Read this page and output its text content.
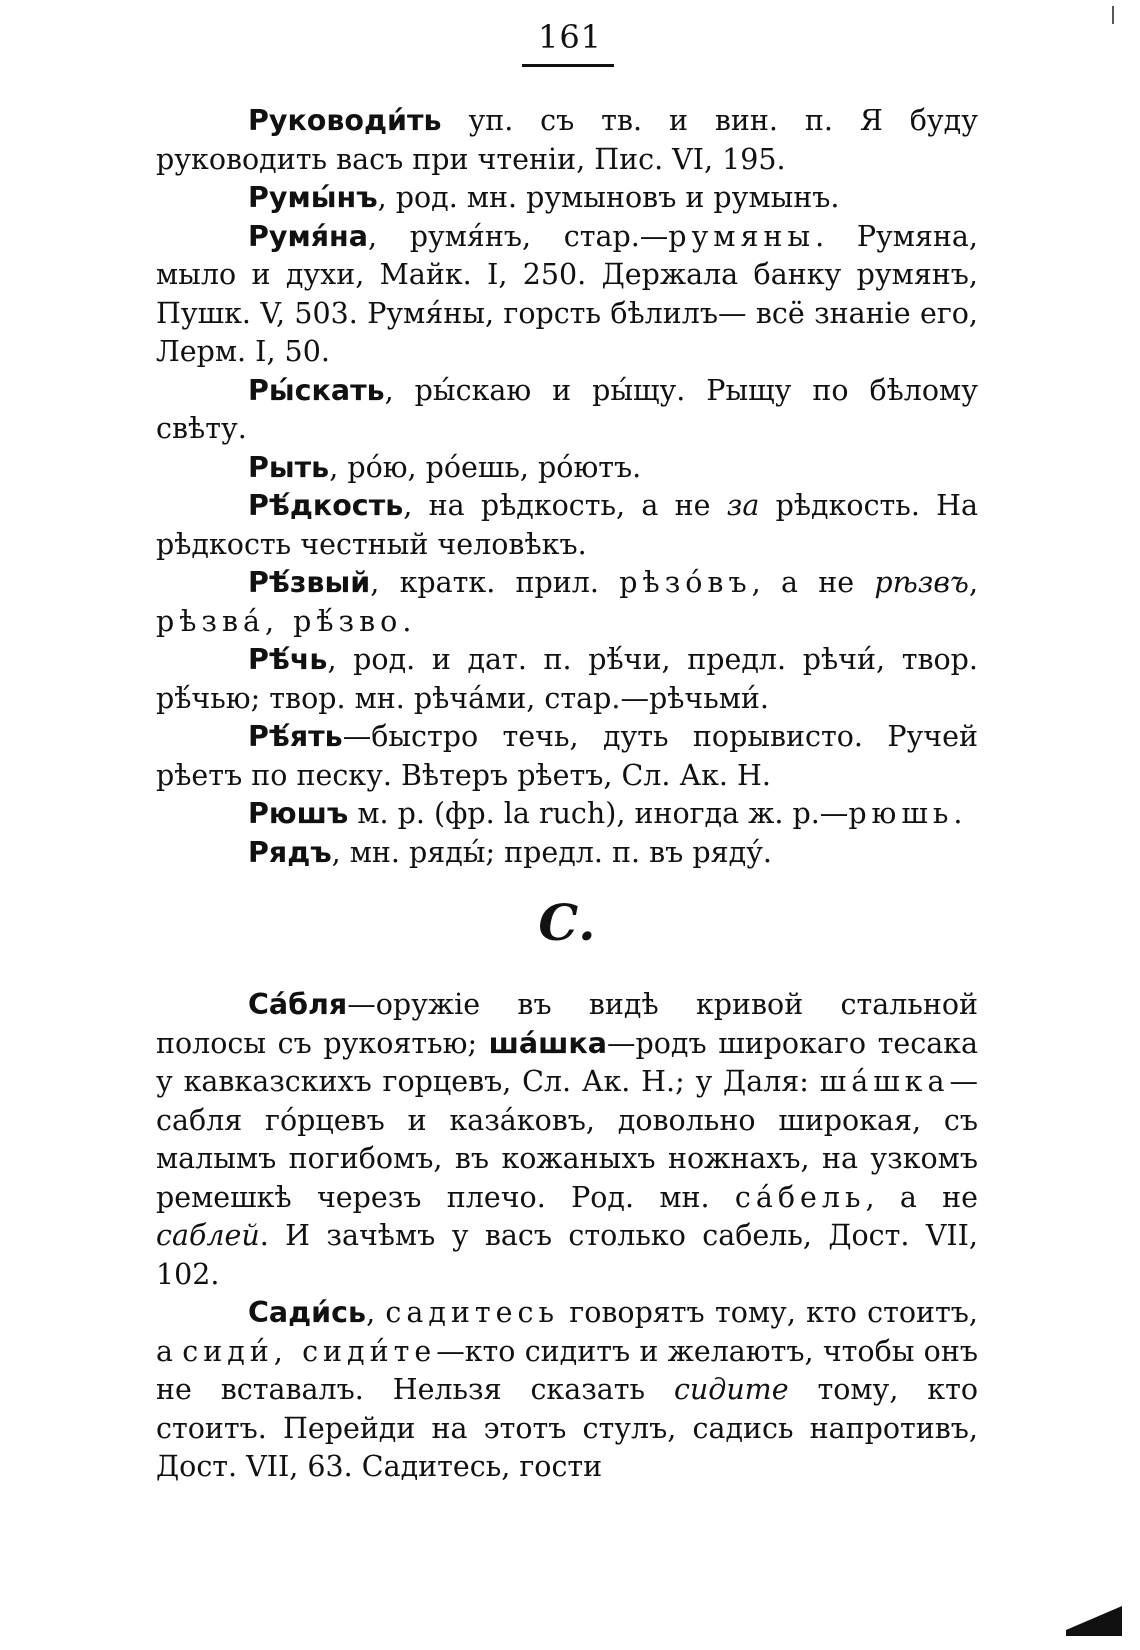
161

Руководи́ть уп. съ тв. и вин. п. Я буду руководить васъ при чтеніи, Пис. VI, 195.

Румы́нъ, род. мн. румыновъ и румынъ.

Румя́на, румя́нъ, стар.—румяны. Румяна, мыло и духи, Майк. I, 250. Держала банку румянъ, Пушк. V, 503. Румя́ны, горсть бѣлилъ— всё знаніе его, Лерм. I, 50.

Ры́скать, ры́скаю и ры́щу. Рыщу по бѣлому свѣту.

Рыть, ро́ю, ро́ешь, ро́ютъ.

Рѣ́дкость, на рѣдкость, а не за рѣдкость. На рѣдкость честный человѣкъ.

Рѣ́звый, кратк. прил. рѣзо́въ, а не рѣзвъ, рѣзва́, рѣ́зво.

Рѣ́чь, род. и дат. п. рѣ́чи, предл. рѣчи́, твор. рѣ́чью; твор. мн. рѣча́ми, стар.—рѣчьми́.

Рѣ́ять—быстро течь, дуть порывисто. Ручей рѣетъ по песку. Вѣтеръ рѣетъ, Сл. Ак. Н.

Рюшъ м. р. (фр. la ruch), иногда ж. р.—рюшь.

Рядъ, мн. ряды́; предл. п. въ ряду́.

С.

Са́бля—оружіе въ видѣ кривой стальной полосы съ рукоятью; ша́шка—родъ широкаго тесака у кавказскихъ горцевъ, Сл. Ак. Н.; у Даля: ша́шка—сабля го́рцевъ и каза́ковъ, довольно широкая, съ малымъ погибомъ, въ кожаныхъ ножнахъ, на узкомъ ремешкѣ черезъ плечо. Род. мн. са́бель, а не саблей. И зачѣмъ у васъ столько сабель, Дост. VII, 102.

Сади́сь, садитесь говорятъ тому, кто стоитъ, а сиди́, сиди́те—кто сидитъ и желаютъ, чтобы онъ не вставалъ. Нельзя сказать сидите тому, кто стоитъ. Перейди на этотъ стулъ, садись напротивъ, Дост. VII, 63. Садитесь, гости
